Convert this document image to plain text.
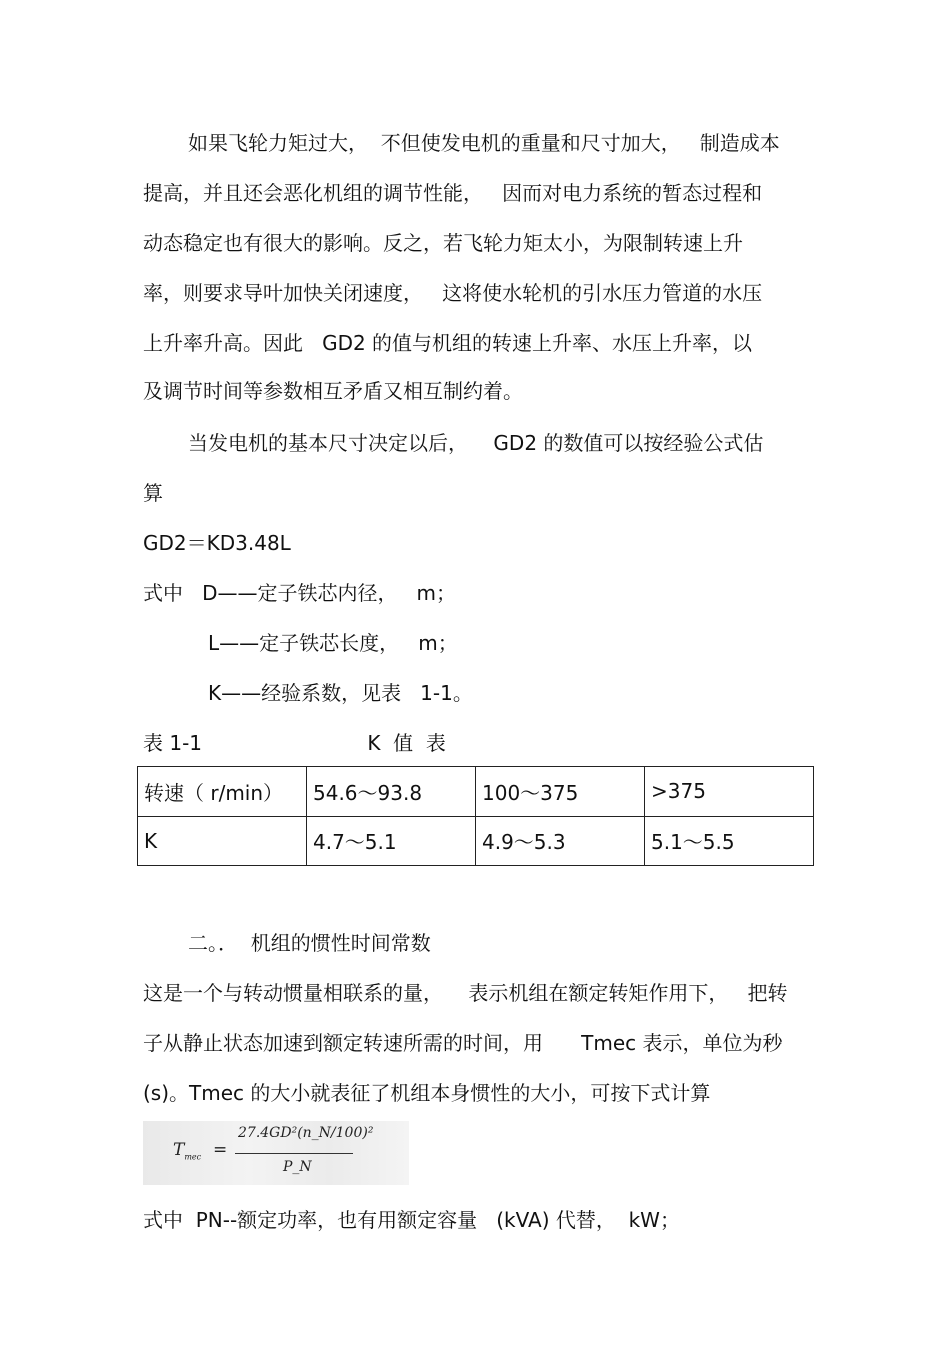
如果飞轮力矩过大，  不但使发电机的重量和尺寸加大，   制造成本
提高，并且还会恶化机组的调节性能，   因而对电力系统的暂态过程和
动态稳定也有很大的影响。反之，若飞轮力矩太小，为限制转速上升
率，则要求导叶加快关闭速度，   这将使水轮机的引水压力管道的水压
上升率升高。因此   GD2 的值与机组的转速上升率、水压上升率，以
及调节时间等参数相互矛盾又相互制约着。
当发电机的基本尺寸决定以后，    GD2 的数值可以按经验公式估
算
GD2＝KD3.48L
式中   D——定子铁芯内径，   m；
L——定子铁芯长度，   m；
K——经验系数，见表   1-1。
表 1-1                          K  值  表
转速（ r/min）	54.6～93.8	100～375	>375
K	4.7～5.1	4.9～5.3	5.1～5.5
二。．  机组的惯性时间常数
这是一个与转动惯量相联系的量，    表示机组在额定转矩作用下，   把转
子从静止状态加速到额定转速所需的时间，用      Tmec 表示，单位为秒
(s)。Tmec 的大小就表征了机组本身惯性的大小，可按下式计算
$T_{mec}$ =
27.4GD²(n_N/100)²
P_N
式中  PN--额定功率，也有用额定容量   (kVA) 代替，  kW；
